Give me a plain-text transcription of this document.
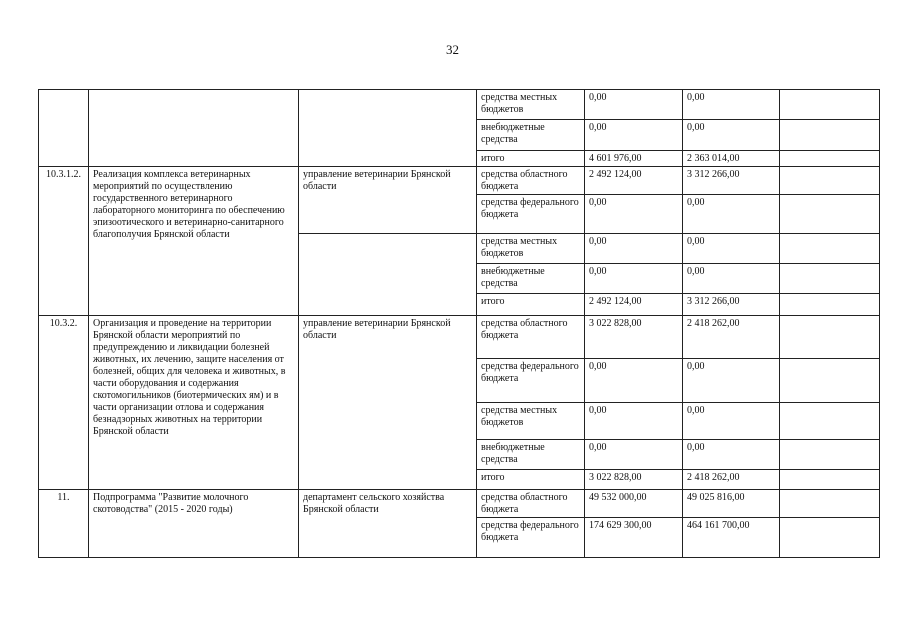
32
			средства местных бюджетов	0,00	0,00	
			внебюджетные средства	0,00	0,00	
			итого	4 601 976,00	2 363 014,00	
10.3.1.2.	Реализация комплекса ветеринарных мероприятий по осуществлению государственного ветеринарного лабораторного мониторинга по обеспечению эпизоотического и ветеринарно-санитарного благополучия Брянской области	управление ветеринарии Брянской области	средства областного бюджета	2 492 124,00	3 312 266,00	
			средства федерального бюджета	0,00	0,00	
			средства местных бюджетов	0,00	0,00	
			внебюджетные средства	0,00	0,00	
			итого	2 492 124,00	3 312 266,00	
10.3.2.	Организация и проведение на территории Брянской области мероприятий по предупреждению и ликвидации болезней животных, их лечению, защите населения от болезней, общих для человека и животных, в части оборудования и содержания скотомогильников (биотермических ям) и в части организации отлова и содержания безнадзорных животных на территории Брянской области	управление ветеринарии Брянской области	средства областного бюджета	3 022 828,00	2 418 262,00	
			средства федерального бюджета	0,00	0,00	
			средства местных бюджетов	0,00	0,00	
			внебюджетные средства	0,00	0,00	
			итого	3 022 828,00	2 418 262,00	
11.	Подпрограмма "Развитие молочного скотоводства" (2015 - 2020 годы)	департамент сельского хозяйства Брянской области	средства областного бюджета	49 532 000,00	49 025 816,00	
			средства федерального бюджета	174 629 300,00	464 161 700,00	
